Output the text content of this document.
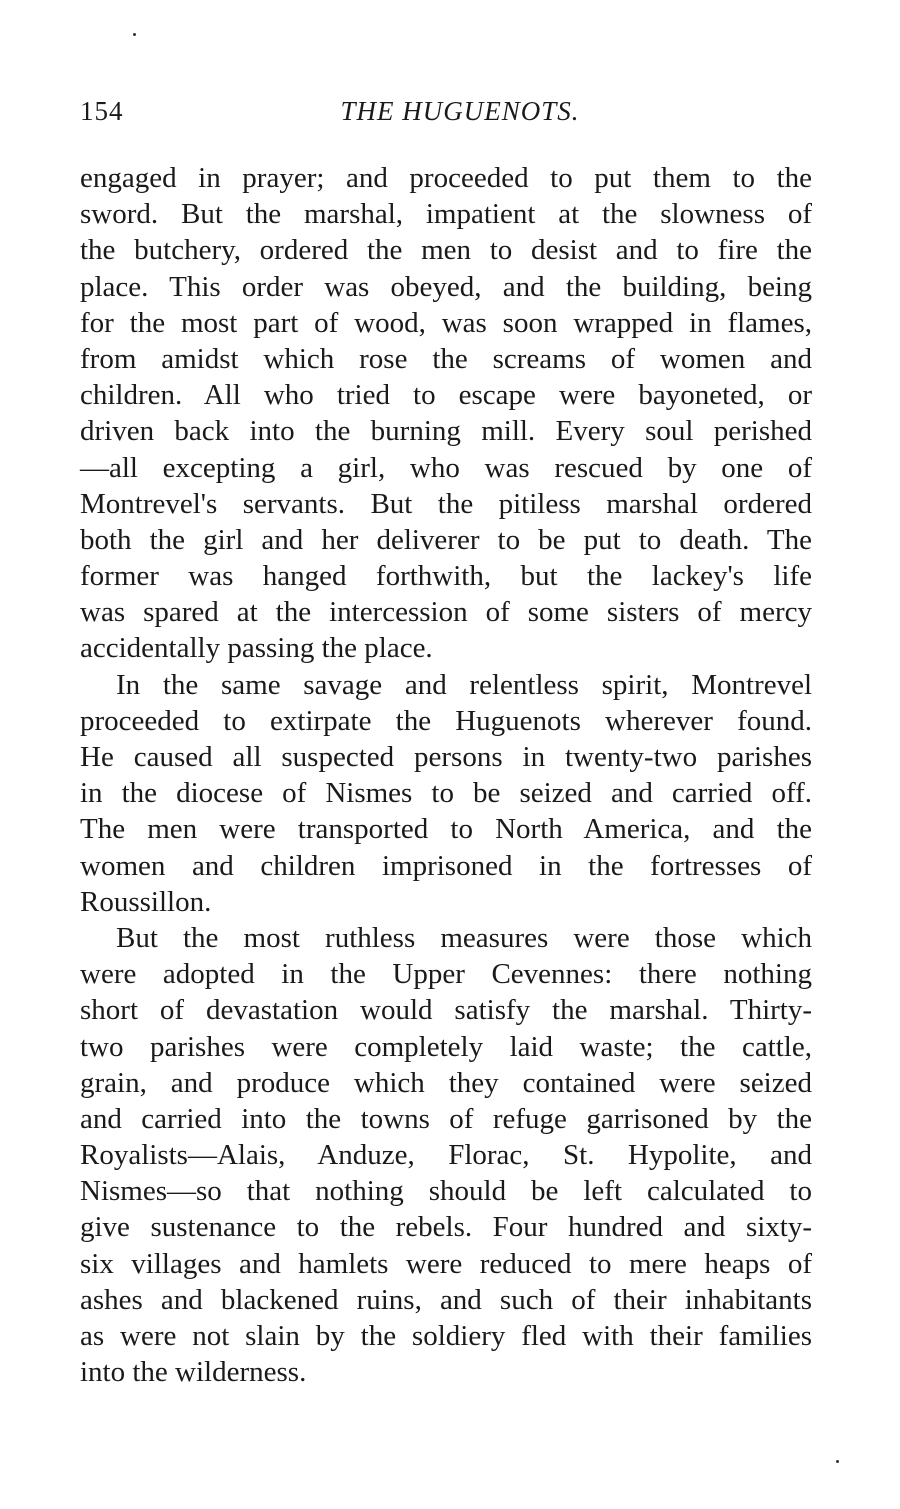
154	THE HUGUENOTS.
engaged in prayer; and proceeded to put them to the
sword. But the marshal, impatient at the slowness of
the butchery, ordered the men to desist and to fire the
place. This order was obeyed, and the building, being
for the most part of wood, was soon wrapped in flames,
from amidst which rose the screams of women and
children. All who tried to escape were bayoneted, or
driven back into the burning mill. Every soul perished
—all excepting a girl, who was rescued by one of
Montrevel's servants. But the pitiless marshal ordered
both the girl and her deliverer to be put to death. The
former was hanged forthwith, but the lackey's life
was spared at the intercession of some sisters of mercy
accidentally passing the place.
In the same savage and relentless spirit, Montrevel
proceeded to extirpate the Huguenots wherever found.
He caused all suspected persons in twenty-two parishes
in the diocese of Nismes to be seized and carried off.
The men were transported to North America, and the
women and children imprisoned in the fortresses of
Roussillon.
But the most ruthless measures were those which
were adopted in the Upper Cevennes: there nothing
short of devastation would satisfy the marshal. Thirty-
two parishes were completely laid waste; the cattle,
grain, and produce which they contained were seized
and carried into the towns of refuge garrisoned by the
Royalists—Alais, Anduze, Florac, St. Hypolite, and
Nismes—so that nothing should be left calculated to
give sustenance to the rebels. Four hundred and sixty-
six villages and hamlets were reduced to mere heaps of
ashes and blackened ruins, and such of their inhabitants
as were not slain by the soldiery fled with their families
into the wilderness.
